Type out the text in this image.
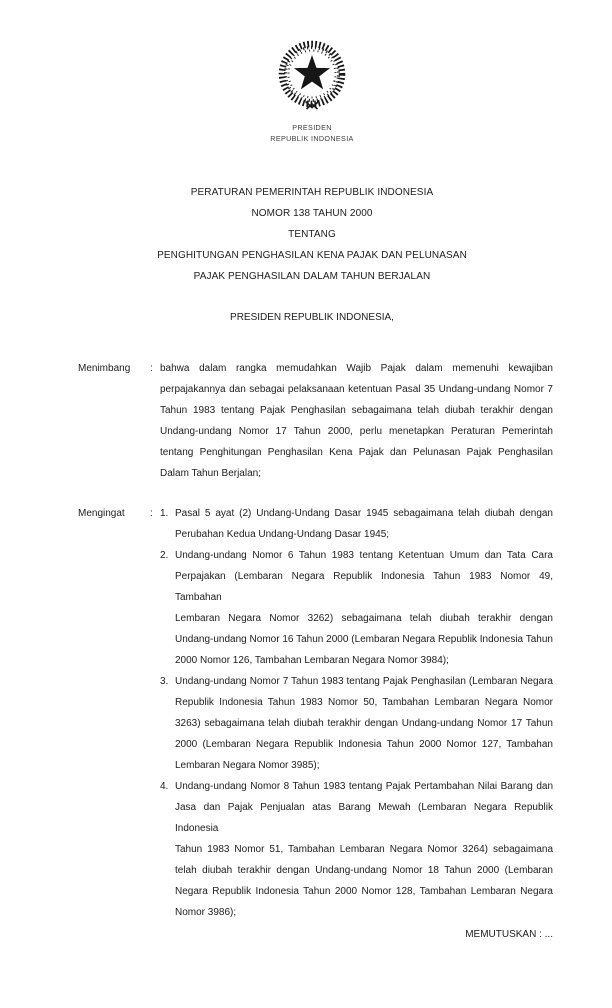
PRESIDEN
REPUBLIK INDONESIA
PERATURAN PEMERINTAH REPUBLIK INDONESIA
NOMOR 138 TAHUN 2000
TENTANG
PENGHITUNGAN PENGHASILAN KENA PAJAK DAN PELUNASAN
PAJAK PENGHASILAN DALAM TAHUN BERJALAN
PRESIDEN REPUBLIK INDONESIA,
Menimbang : bahwa dalam rangka memudahkan Wajib Pajak dalam memenuhi kewajiban
perpajakannya dan sebagai pelaksanaan ketentuan Pasal 35 Undang-undang Nomor 7
Tahun 1983 tentang Pajak Penghasilan sebagaimana telah diubah terakhir dengan
Undang-undang Nomor 17 Tahun 2000, perlu menetapkan Peraturan Pemerintah
tentang Penghitungan Penghasilan Kena Pajak dan Pelunasan Pajak Penghasilan
Dalam Tahun Berjalan;
Mengingat	: 1. Pasal 5 ayat (2) Undang-Undang Dasar 1945 sebagaimana telah diubah dengan
Perubahan Kedua Undang-Undang Dasar 1945;
2. Undang-undang Nomor 6 Tahun 1983 tentang Ketentuan Umum dan Tata Cara
Perpajakan (Lembaran Negara Republik Indonesia Tahun 1983 Nomor 49, Tambahan
Lembaran Negara Nomor 3262) sebagaimana telah diubah terakhir dengan
Undang-undang Nomor 16 Tahun 2000 (Lembaran Negara Republik Indonesia Tahun
2000 Nomor 126, Tambahan Lembaran Negara Nomor 3984);
3. Undang-undang Nomor 7 Tahun 1983 tentang Pajak Penghasilan (Lembaran Negara
Republik Indonesia Tahun 1983 Nomor 50, Tambahan Lembaran Negara Nomor
3263) sebagaimana telah diubah terakhir dengan Undang-undang Nomor 17 Tahun
2000 (Lembaran Negara Republik Indonesia Tahun 2000 Nomor 127, Tambahan
Lembaran Negara Nomor 3985);
4. Undang-undang Nomor 8 Tahun 1983 tentang Pajak Pertambahan Nilai Barang dan
Jasa dan Pajak Penjualan atas Barang Mewah (Lembaran Negara Republik Indonesia
Tahun 1983 Nomor 51, Tambahan Lembaran Negara Nomor 3264) sebagaimana
telah diubah terakhir dengan Undang-undang Nomor 18 Tahun 2000 (Lembaran
Negara Republik Indonesia Tahun 2000 Nomor 128, Tambahan Lembaran Negara
Nomor 3986);
MEMUTUSKAN : ...
